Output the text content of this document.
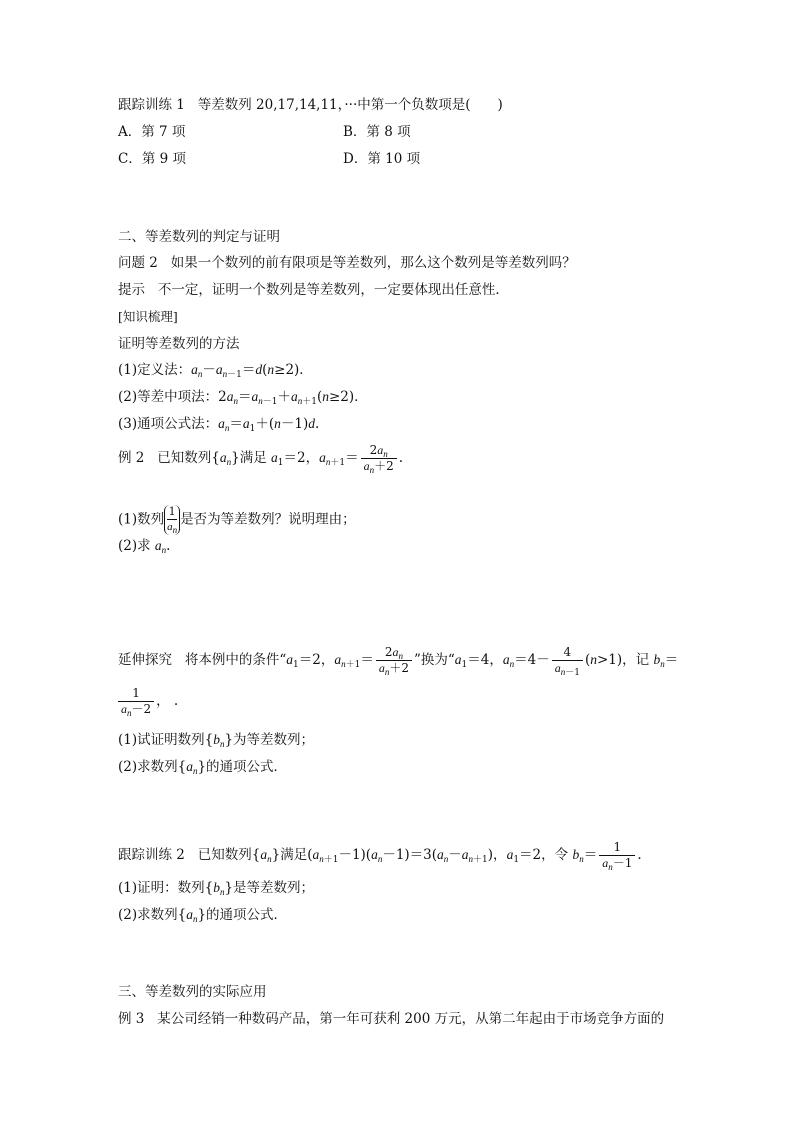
跟踪训练 1 等差数列 20,17,14,11，···中第一个负数项是(　　)
A．第 7 项	B．第 8 项
C．第 9 项	D．第 10 项
二、等差数列的判定与证明
问题 2 如果一个数列的前有限项是等差数列，那么这个数列是等差数列吗？
提示 不一定，证明一个数列是等差数列，一定要体现出任意性．
[知识梳理]
证明等差数列的方法
(1)定义法：$a_n-a_{n-1}=d(n\ge 2)$．
(2)等差中项法：$2a_n=a_{n-1}+a_{n+1}(n\ge 2)$．
(3)通项公式法：$a_n=a_1+(n-1)d$.
例 2 已知数列$\{a_n\}$满足 $a_1=2$，$a_{n+1}= \frac{2a_n}{a_n+2}$ .
(1)数列 $\frac{1}{a_n}$ 是否为等差数列？说明理由；
(2)求 $a_n$.
延伸探究 将本例中的条件“$a_1=2$，$a_{n+1}= \frac{2a_n}{a_n+2}$ ”换为“$a_1=4$，$a_n=4- \frac{4}{a_{n-1}} (n>1)$，记 $b_n=$
$\frac{1}{a_n-2}$ ， .
(1)试证明数列$\{b_n\}$为等差数列；
(2)求数列$\{a_n\}$的通项公式．
跟踪训练 2 已知数列$\{a_n\}$满足$(a_{n+1}-1)(a_n-1)=3(a_n-a_{n+1})$，$a_1=2$，令 $b_n= \frac{1}{a_n-1}$ .
(1)证明：数列$\{b_n\}$是等差数列；
(2)求数列$\{a_n\}$的通项公式．
三、等差数列的实际应用
例 3 某公司经销一种数码产品，第一年可获利 200 万元，从第二年起由于市场竞争方面的
